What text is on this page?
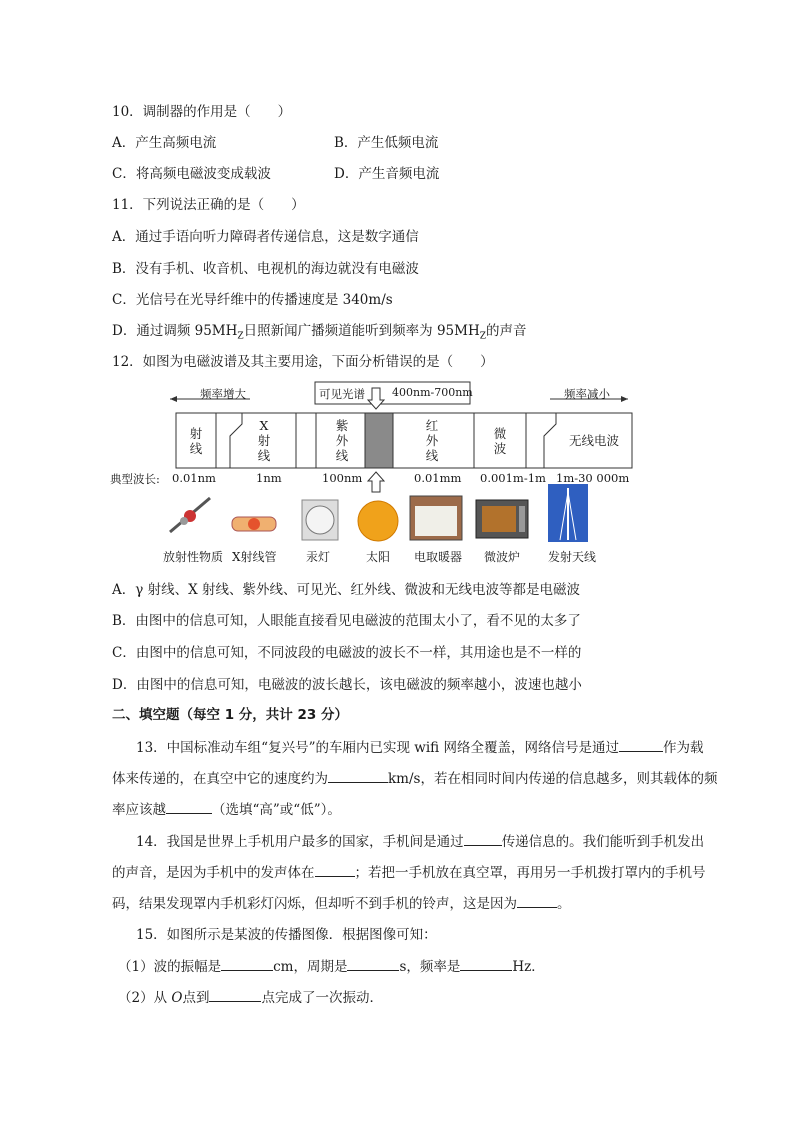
10．调制器的作用是（　　）
A．产生高频电流	B．产生低频电流
C．将高频电磁波变成载波	D．产生音频电流
11．下列说法正确的是（　　）
A．通过手语向听力障碍者传递信息，这是数字通信
B．没有手机、收音机、电视机的海边就没有电磁波
C．光信号在光导纤维中的传播速度是 340m/s
D．通过调频 $95MH_Z$日照新闻广播频道能听到频率为 $95MH_Z$的声音
12．如图为电磁波谱及其主要用途，下面分析错误的是（　　）
频率增大	频率减小
可见光谱 400nm-700nm
射
线
X
射
线
紫
外
线
红
外
线
微
波
无线电波
典型波长: 0.01nm	1nm	100nm	0.01mm 0.001m-1m 1m-30 000m
放射性物质 X射线管 汞灯	太阳 电取暖器 微波炉 发射天线
A．γ 射线、X 射线、紫外线、可见光、红外线、微波和无线电波等都是电磁波
B．由图中的信息可知，人眼能直接看见电磁波的范围太小了，看不见的太多了
C．由图中的信息可知，不同波段的电磁波的波长不一样，其用途也是不一样的
D．由图中的信息可知，电磁波的波长越长，该电磁波的频率越小，波速也越小
二、填空题（每空 1 分，共计 23 分）
13．中国标准动车组“复兴号”的车厢内已实现 wifi 网络全覆盖，网络信号是通过	作为载
体来传递的，在真空中它的速度约为	km/s，若在相同时间内传递的信息越多，则其载体的频
率应该越	（选填“高”或“低”）。
14．我国是世界上手机用户最多的国家，手机间是通过	传递信息的。我们能听到手机发出
的声音，是因为手机中的发声体在	；若把一手机放在真空罩，再用另一手机拨打罩内的手机号
码，结果发现罩内手机彩灯闪烁，但却听不到手机的铃声，这是因为	。
15．如图所示是某波的传播图像．根据图像可知：
（1）波的振幅是	cm，周期是	s，频率是	Hz．
（2）从 O点到	点完成了一次振动．
